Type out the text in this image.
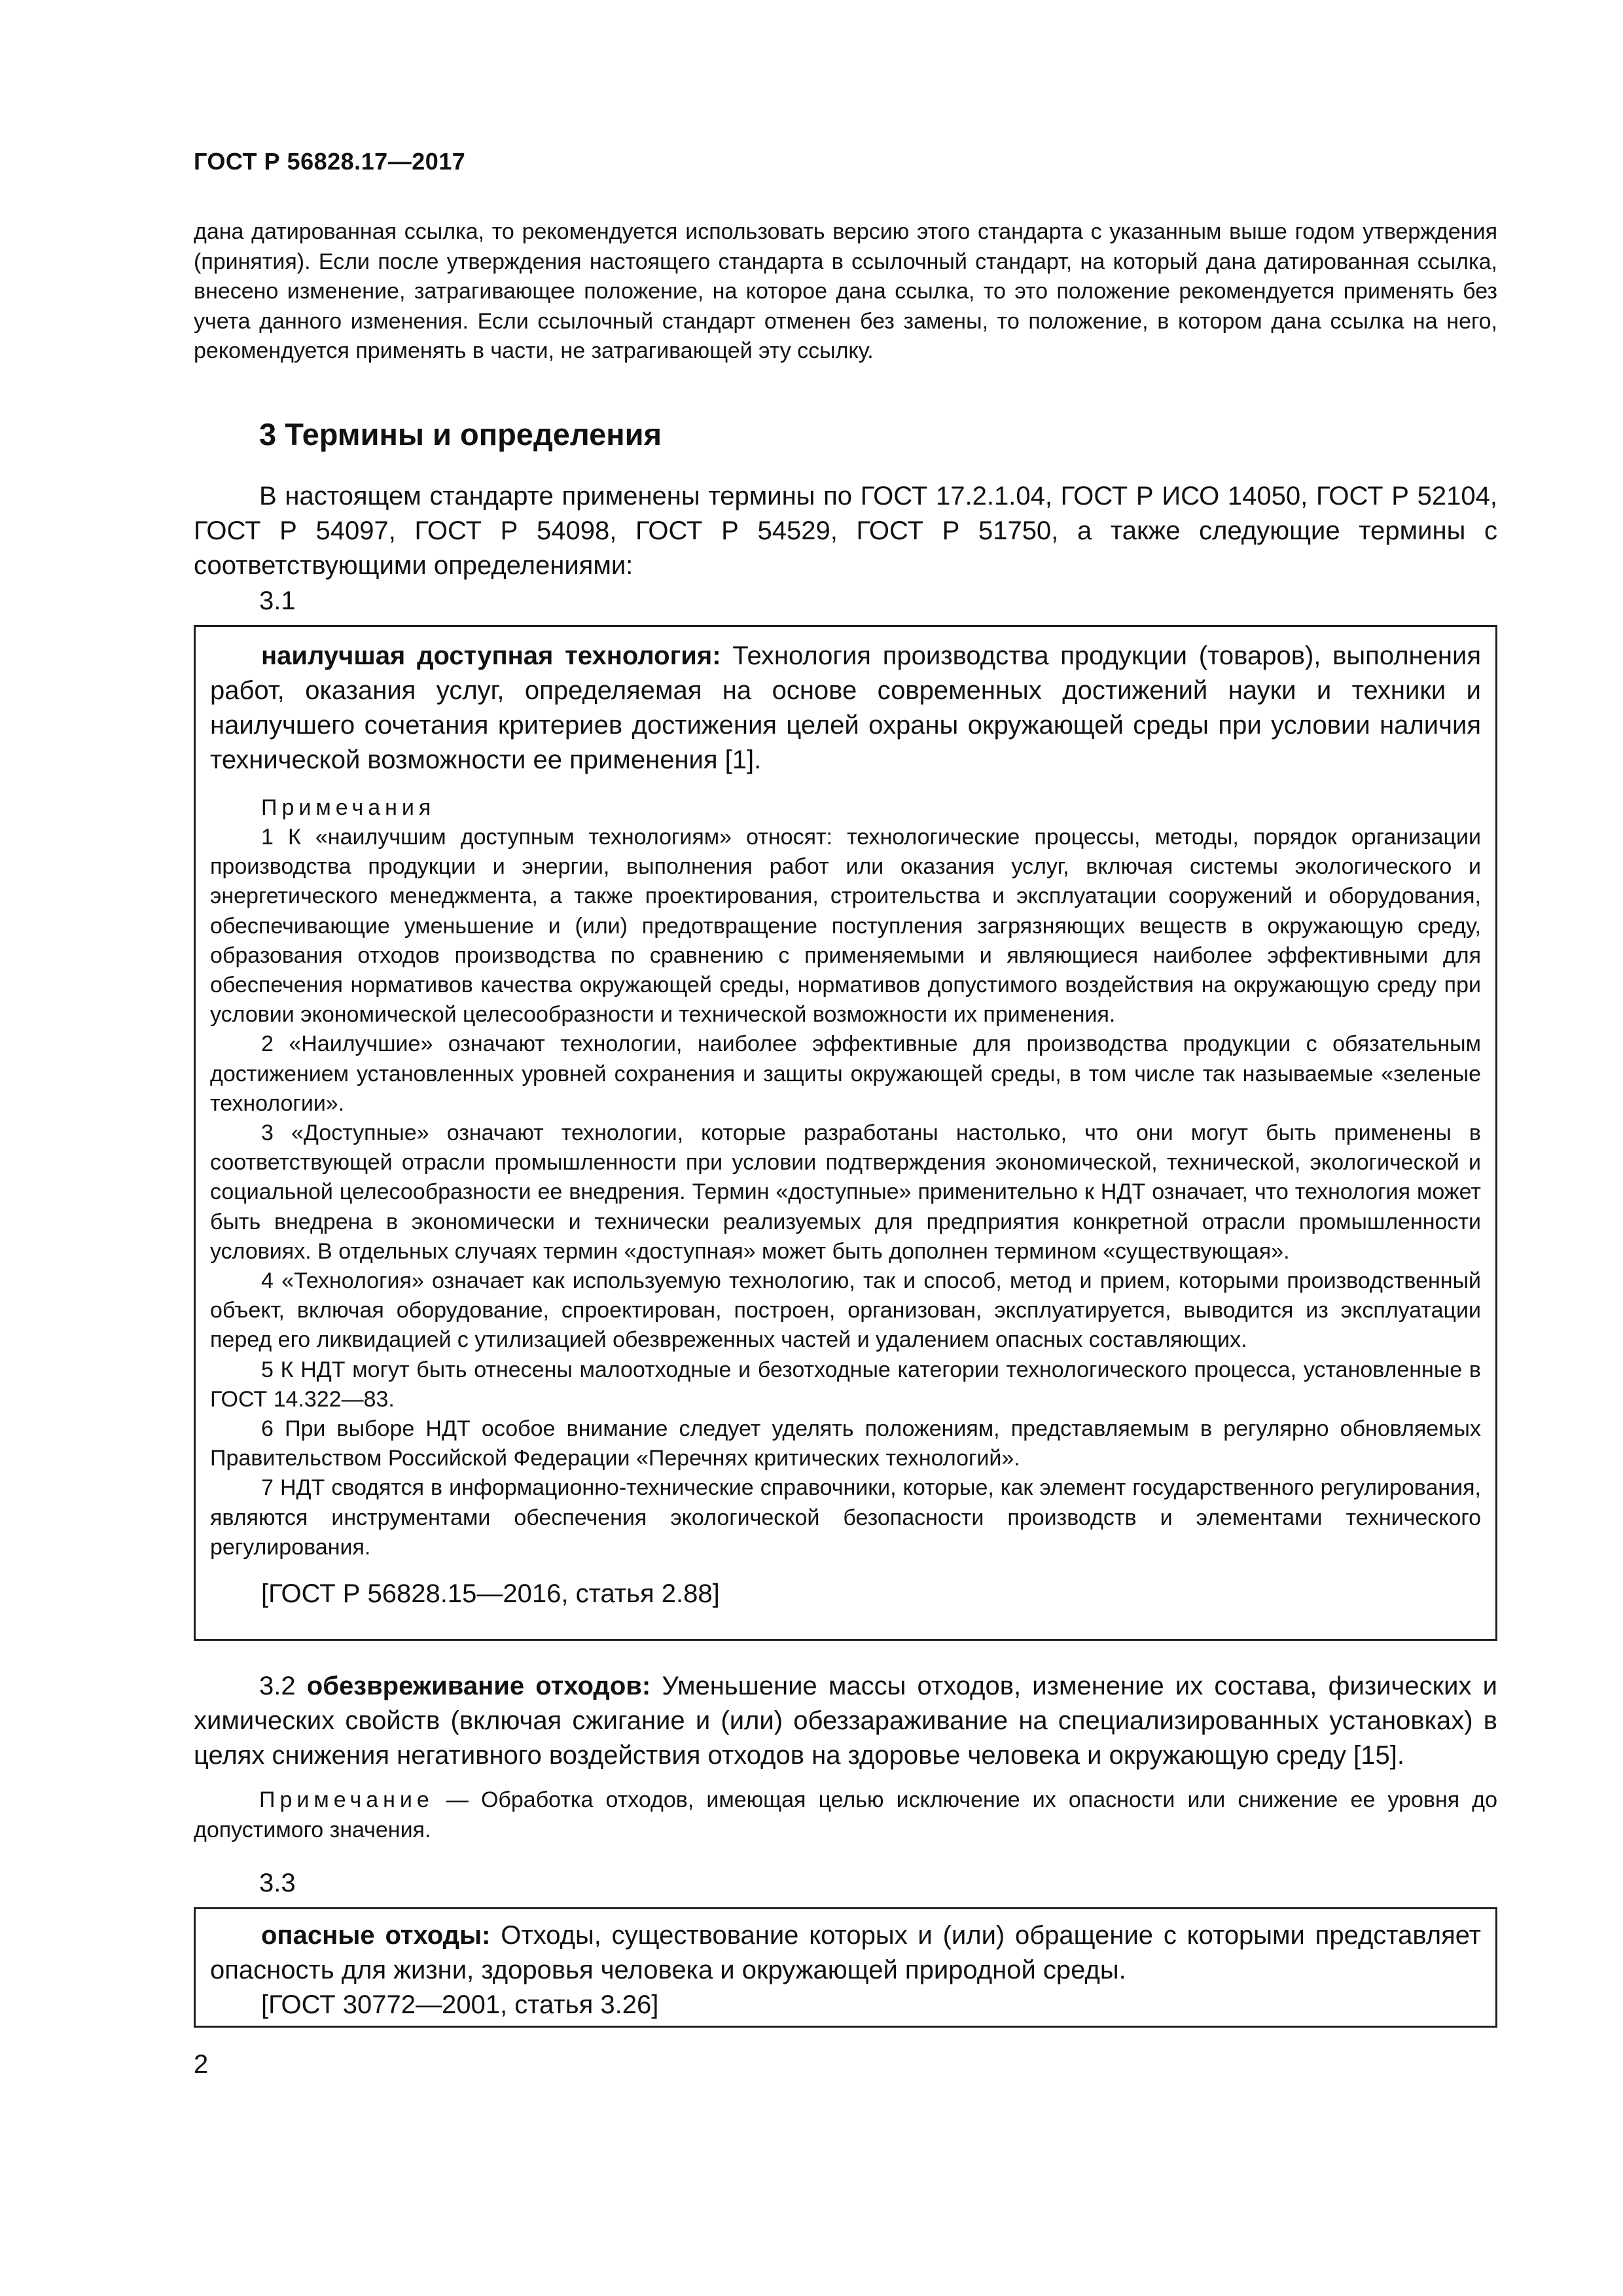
ГОСТ Р 56828.17—2017

дана датированная ссылка, то рекомендуется использовать версию этого стандарта с указанным выше годом утверждения (принятия). Если после утверждения настоящего стандарта в ссылочный стандарт, на который дана датированная ссылка, внесено изменение, затрагивающее положение, на которое дана ссылка, то это положение рекомендуется применять без учета данного изменения. Если ссылочный стандарт отменен без замены, то положение, в котором дана ссылка на него, рекомендуется применять в части, не затрагивающей эту ссылку.

3 Термины и определения

В настоящем стандарте применены термины по ГОСТ 17.2.1.04, ГОСТ Р ИСО 14050, ГОСТ Р 52104, ГОСТ Р 54097, ГОСТ Р 54098, ГОСТ Р 54529, ГОСТ Р 51750, а также следующие термины с соответствующими определениями:

3.1

наилучшая доступная технология: Технология производства продукции (товаров), выполнения работ, оказания услуг, определяемая на основе современных достижений науки и техники и наилучшего сочетания критериев достижения целей охраны окружающей среды при условии наличия технической возможности ее применения [1].

Примечания

1 К «наилучшим доступным технологиям» относят: технологические процессы, методы, порядок организации производства продукции и энергии, выполнения работ или оказания услуг, включая системы экологического и энергетического менеджмента, а также проектирования, строительства и эксплуатации сооружений и оборудования, обеспечивающие уменьшение и (или) предотвращение поступления загрязняющих веществ в окружающую среду, образования отходов производства по сравнению с применяемыми и являющиеся наиболее эффективными для обеспечения нормативов качества окружающей среды, нормативов допустимого воздействия на окружающую среду при условии экономической целесообразности и технической возможности их применения.

2 «Наилучшие» означают технологии, наиболее эффективные для производства продукции с обязательным достижением установленных уровней сохранения и защиты окружающей среды, в том числе так называемые «зеленые технологии».

3 «Доступные» означают технологии, которые разработаны настолько, что они могут быть применены в соответствующей отрасли промышленности при условии подтверждения экономической, технической, экологической и социальной целесообразности ее внедрения. Термин «доступные» применительно к НДТ означает, что технология может быть внедрена в экономически и технически реализуемых для предприятия конкретной отрасли промышленности условиях. В отдельных случаях термин «доступная» может быть дополнен термином «существующая».

4 «Технология» означает как используемую технологию, так и способ, метод и прием, которыми производственный объект, включая оборудование, спроектирован, построен, организован, эксплуатируется, выводится из эксплуатации перед его ликвидацией с утилизацией обезвреженных частей и удалением опасных составляющих.

5 К НДТ могут быть отнесены малоотходные и безотходные категории технологического процесса, установленные в ГОСТ 14.322—83.

6 При выборе НДТ особое внимание следует уделять положениям, представляемым в регулярно обновляемых Правительством Российской Федерации «Перечнях критических технологий».

7 НДТ сводятся в информационно-технические справочники, которые, как элемент государственного регулирования, являются инструментами обеспечения экологической безопасности производств и элементами технического регулирования.

[ГОСТ Р 56828.15—2016, статья 2.88]

3.2 обезвреживание отходов: Уменьшение массы отходов, изменение их состава, физических и химических свойств (включая сжигание и (или) обеззараживание на специализированных установках) в целях снижения негативного воздействия отходов на здоровье человека и окружающую среду [15].

Примечание — Обработка отходов, имеющая целью исключение их опасности или снижение ее уровня до допустимого значения.

3.3

опасные отходы: Отходы, существование которых и (или) обращение с которыми представляет опасность для жизни, здоровья человека и окружающей природной среды.

[ГОСТ 30772—2001, статья 3.26]
2
